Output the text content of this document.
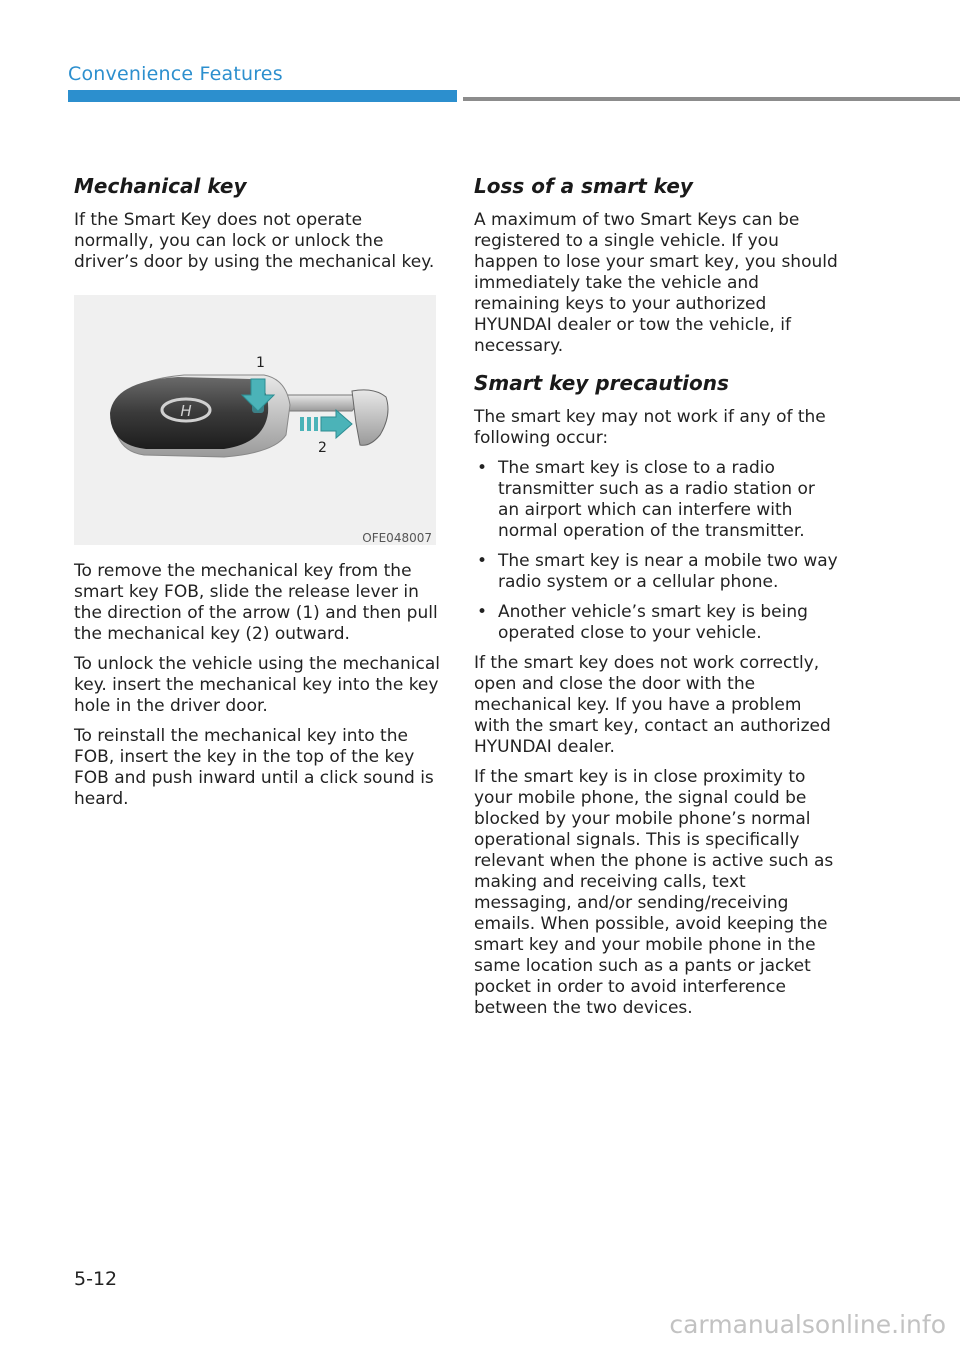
Convenience Features
Mechanical key

If the Smart Key does not operate normally, you can lock or unlock the driver’s door by using the mechanical key.

H
1
2
OFE048007

To remove the mechanical key from the smart key FOB, slide the release lever in the direction of the arrow (1) and then pull the mechanical key (2) outward.

To unlock the vehicle using the mechanical key. insert the mechanical key into the key hole in the driver door.

To reinstall the mechanical key into the FOB, insert the key in the top of the key FOB and push inward until a click sound is heard.

Loss of a smart key

A maximum of two Smart Keys can be registered to a single vehicle. If you happen to lose your smart key, you should immediately take the vehicle and remaining keys to your authorized HYUNDAI dealer or tow the vehicle, if necessary.

Smart key precautions

The smart key may not work if any of the following occur:

• The smart key is close to a radio transmitter such as a radio station or an airport which can interfere with normal operation of the transmitter.
• The smart key is near a mobile two way radio system or a cellular phone.
• Another vehicle’s smart key is being operated close to your vehicle.

If the smart key does not work correctly, open and close the door with the mechanical key. If you have a problem with the smart key, contact an authorized HYUNDAI dealer.

If the smart key is in close proximity to your mobile phone, the signal could be blocked by your mobile phone’s normal operational signals. This is specifically relevant when the phone is active such as making and receiving calls, text messaging, and/or sending/receiving emails. When possible, avoid keeping the smart key and your mobile phone in the same location such as a pants or jacket pocket in order to avoid interference between the two devices.

5-12
carmanualsonline.info
